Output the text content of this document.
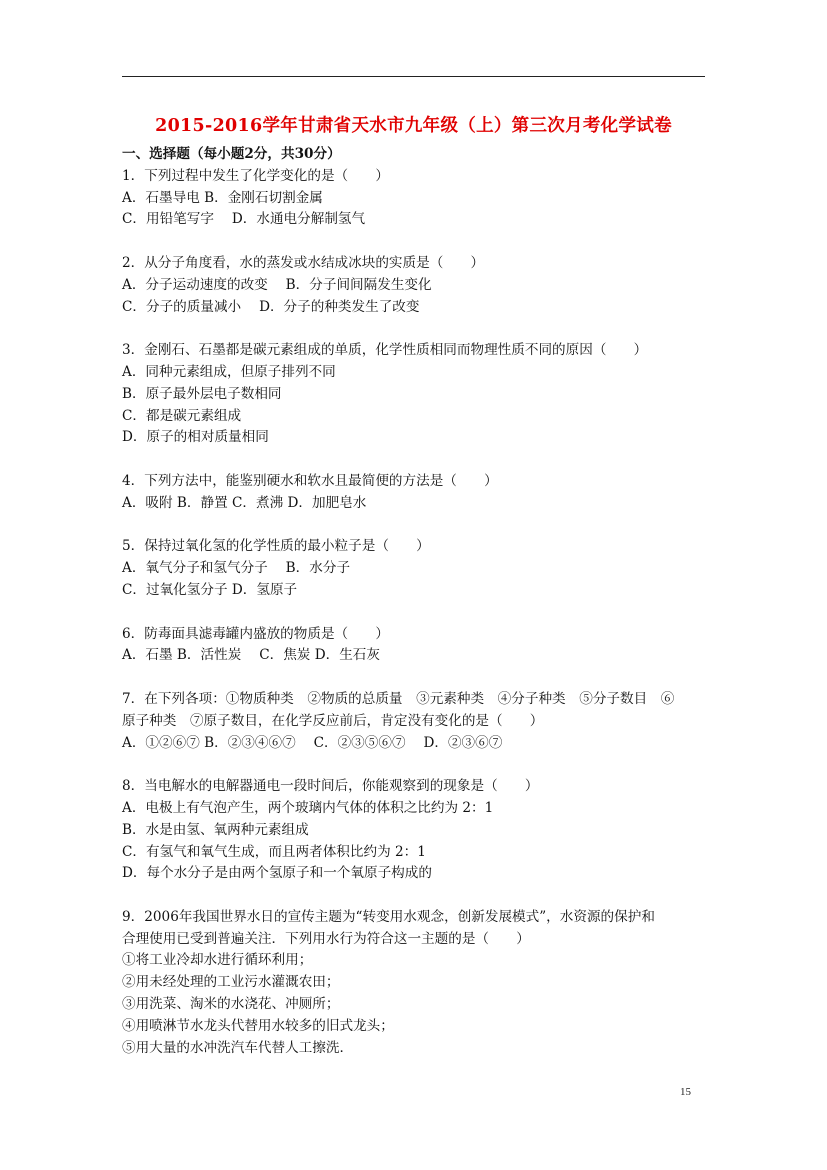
2015-2016学年甘肃省天水市九年级（上）第三次月考化学试卷
一、选择题（每小题2分，共30分）
1．下列过程中发生了化学变化的是（　　）
A．石墨导电 B．金刚石切割金属
C．用铅笔写字　 D．水通电分解制氢气
2．从分子角度看，水的蒸发或水结成冰块的实质是（　　）
A．分子运动速度的改变　 B．分子间间隔发生变化
C．分子的质量减小　 D．分子的种类发生了改变
3．金刚石、石墨都是碳元素组成的单质，化学性质相同而物理性质不同的原因（　　）
A．同种元素组成，但原子排列不同
B．原子最外层电子数相同
C．都是碳元素组成
D．原子的相对质量相同
4．下列方法中，能鉴别硬水和软水且最简便的方法是（　　）
A．吸附 B．静置 C．煮沸 D．加肥皂水
5．保持过氧化氢的化学性质的最小粒子是（　　）
A．氧气分子和氢气分子　 B．水分子
C．过氧化氢分子 D．氢原子
6．防毒面具滤毒罐内盛放的物质是（　　）
A．石墨 B．活性炭　 C．焦炭 D．生石灰
7．在下列各项：①物质种类　②物质的总质量　③元素种类　④分子种类　⑤分子数目　⑥
原子种类　⑦原子数目，在化学反应前后，肯定没有变化的是（　　）
A．①②⑥⑦ B．②③④⑥⑦　 C．②③⑤⑥⑦　 D．②③⑥⑦
8．当电解水的电解器通电一段时间后，你能观察到的现象是（　　）
A．电极上有气泡产生，两个玻璃内气体的体积之比约为 2：1
B．水是由氢、氧两种元素组成
C．有氢气和氧气生成，而且两者体积比约为 2：1
D．每个水分子是由两个氢原子和一个氧原子构成的
9．2006年我国世界水日的宣传主题为“转变用水观念，创新发展模式”，水资源的保护和
合理使用已受到普遍关注．下列用水行为符合这一主题的是（　　）
①将工业冷却水进行循环利用；
②用未经处理的工业污水灌溉农田；
③用洗菜、淘米的水浇花、冲厕所；
④用喷淋节水龙头代替用水较多的旧式龙头；
⑤用大量的水冲洗汽车代替人工擦洗．
15
